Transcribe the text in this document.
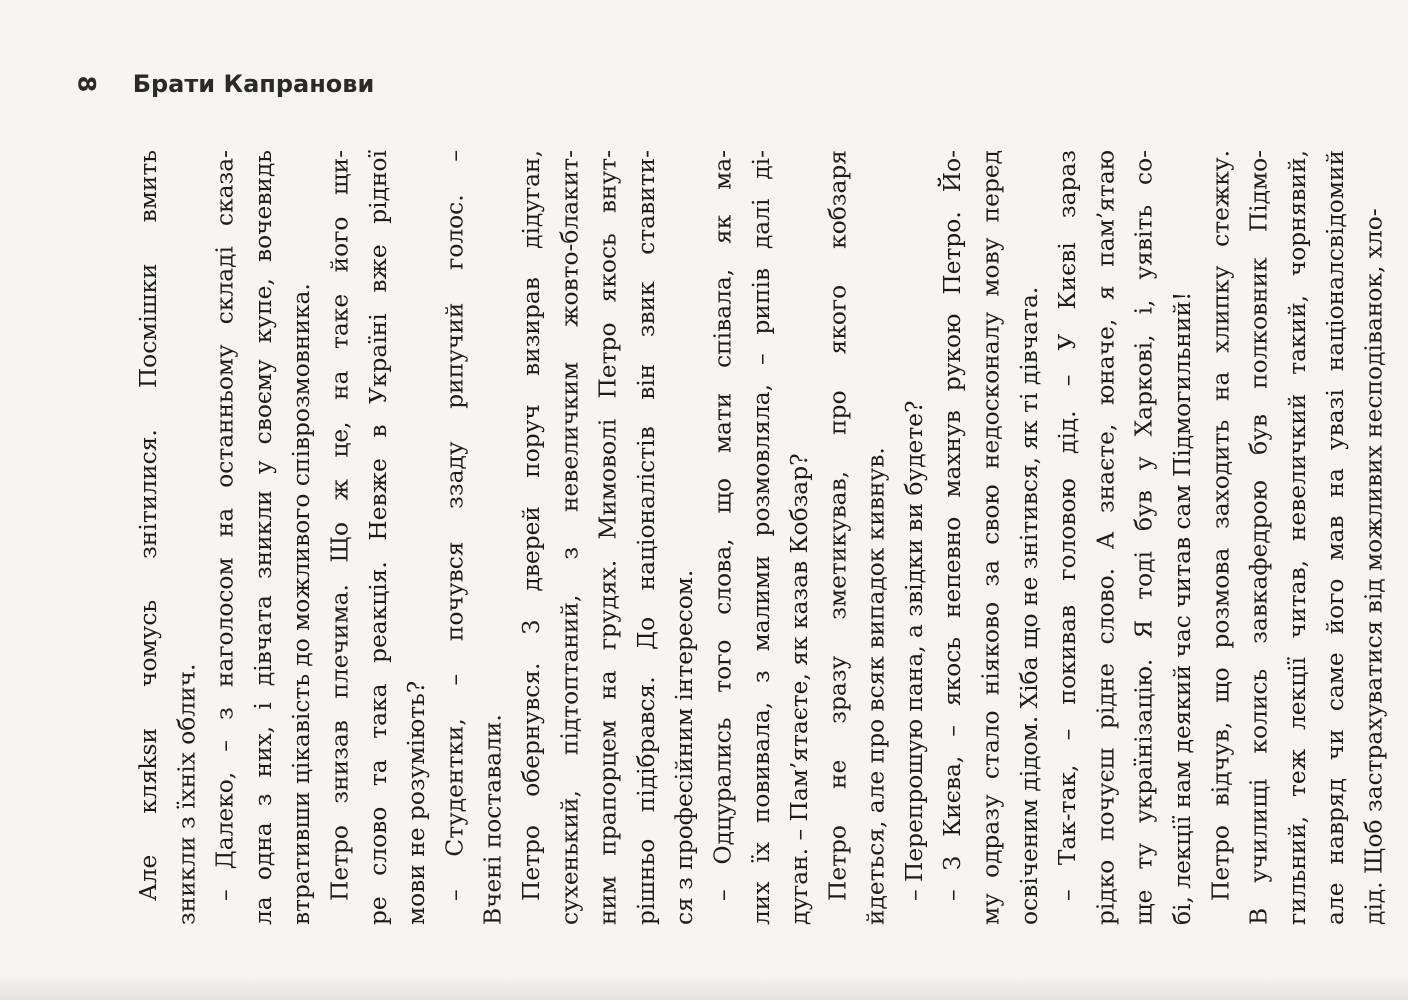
8 Брати Капранови
Але кляksи чомусь знітилися. Посмішки вмить зникли з їхніх облич. – Далеко, – з наголосом на останньому складі сказа- ла одна з них, і дівчата зникли у своєму купе, вочевидь втративши цікавість до можливого співрозмовника. Петро знизав плечима. Що ж це, на таке його щи- ре слово та така реакція. Невже в Україні вже рідної мови не розуміють? – Студентки, – почувся ззаду рипучий голос. – Вчені поставали. Петро обернувся. З дверей поруч визирав дідуган, сухенький, підтоптаний, з невеличким жовто-блакит- ним прапорцем на грудях. Мимоволі Петро якось внут- рішньо підібрався. До націоналістів він звик ставити- ся з професійним інтересом. – Одцурались того слова, що мати співала, як ма- лих їх повивала, з малими розмовляла, – рипів далі ді- дуган. – Пам’ятаєте, як казав Кобзар? Петро не зразу зметикував, про якого кобзаря йдеться, але про всяк випадок кивнув. – Перепрошую пана, а звідки ви будете? – З Києва, – якось непевно махнув рукою Петро. Йо- му одразу стало ніяково за свою недосконалу мову перед освіченим дідом. Хіба що не знітився, як ті дівчата. – Так-так, – покивав головою дід. – У Києві зараз рідко почуєш рідне слово. А знаєте, юначе, я пам’ятаю ще ту українізацію. Я тоді був у Харкові, і, уявіть со- бі, лекції нам деякий час читав сам Підмогильний! Петро відчув, що розмова заходить на хлипку стежку. В училищі колись завкафедрою був полковник Підмо- гильний, теж лекції читав, невеличкий такий, чорнявий, але навряд чи саме його мав на увазі націоналсвідомий дід. Щоб застрахуватися від можливих несподіванок, хло-
